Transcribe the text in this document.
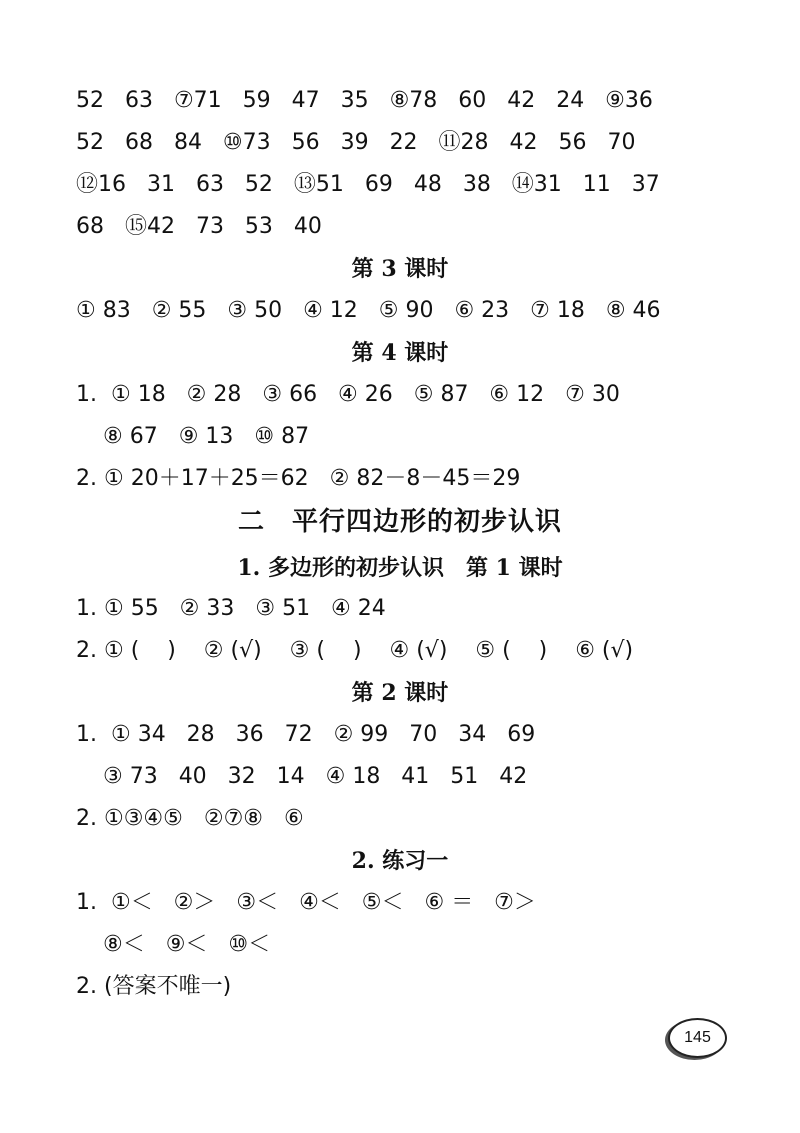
52   63   ⑦71   59   47   35   ⑧78   60   42   24   ⑨36
52   68   84   ⑩73   56   39   22   ⑪28   42   56   70
⑫16   31   63   52   ⑬51   69   48   38   ⑭31   11   37
68   ⑮42   73   53   40
第 3 课时
① 83   ② 55   ③ 50   ④ 12   ⑤ 90   ⑥ 23   ⑦ 18   ⑧ 46
第 4 课时
1.  ① 18   ② 28   ③ 66   ④ 26   ⑤ 87   ⑥ 12   ⑦ 30
⑧ 67   ⑨ 13   ⑩ 87
2. ① 20＋17＋25＝62   ② 82－8－45＝29
二　平行四边形的初步认识
1. 多边形的初步认识　第 1 课时
1. ① 55   ② 33   ③ 51   ④ 24
2. ① (    )    ② (√)    ③ (    )    ④ (√)    ⑤ (    )    ⑥ (√)
第 2 课时
1.  ① 34   28   36   72   ② 99   70   34   69
③ 73   40   32   14   ④ 18   41   51   42
2. ①③④⑤   ②⑦⑧   ⑥
2. 练习一
1.  ①＜   ②＞   ③＜   ④＜   ⑤＜   ⑥ ＝   ⑦＞
⑧＜   ⑨＜   ⑩＜
2. (答案不唯一)
145
